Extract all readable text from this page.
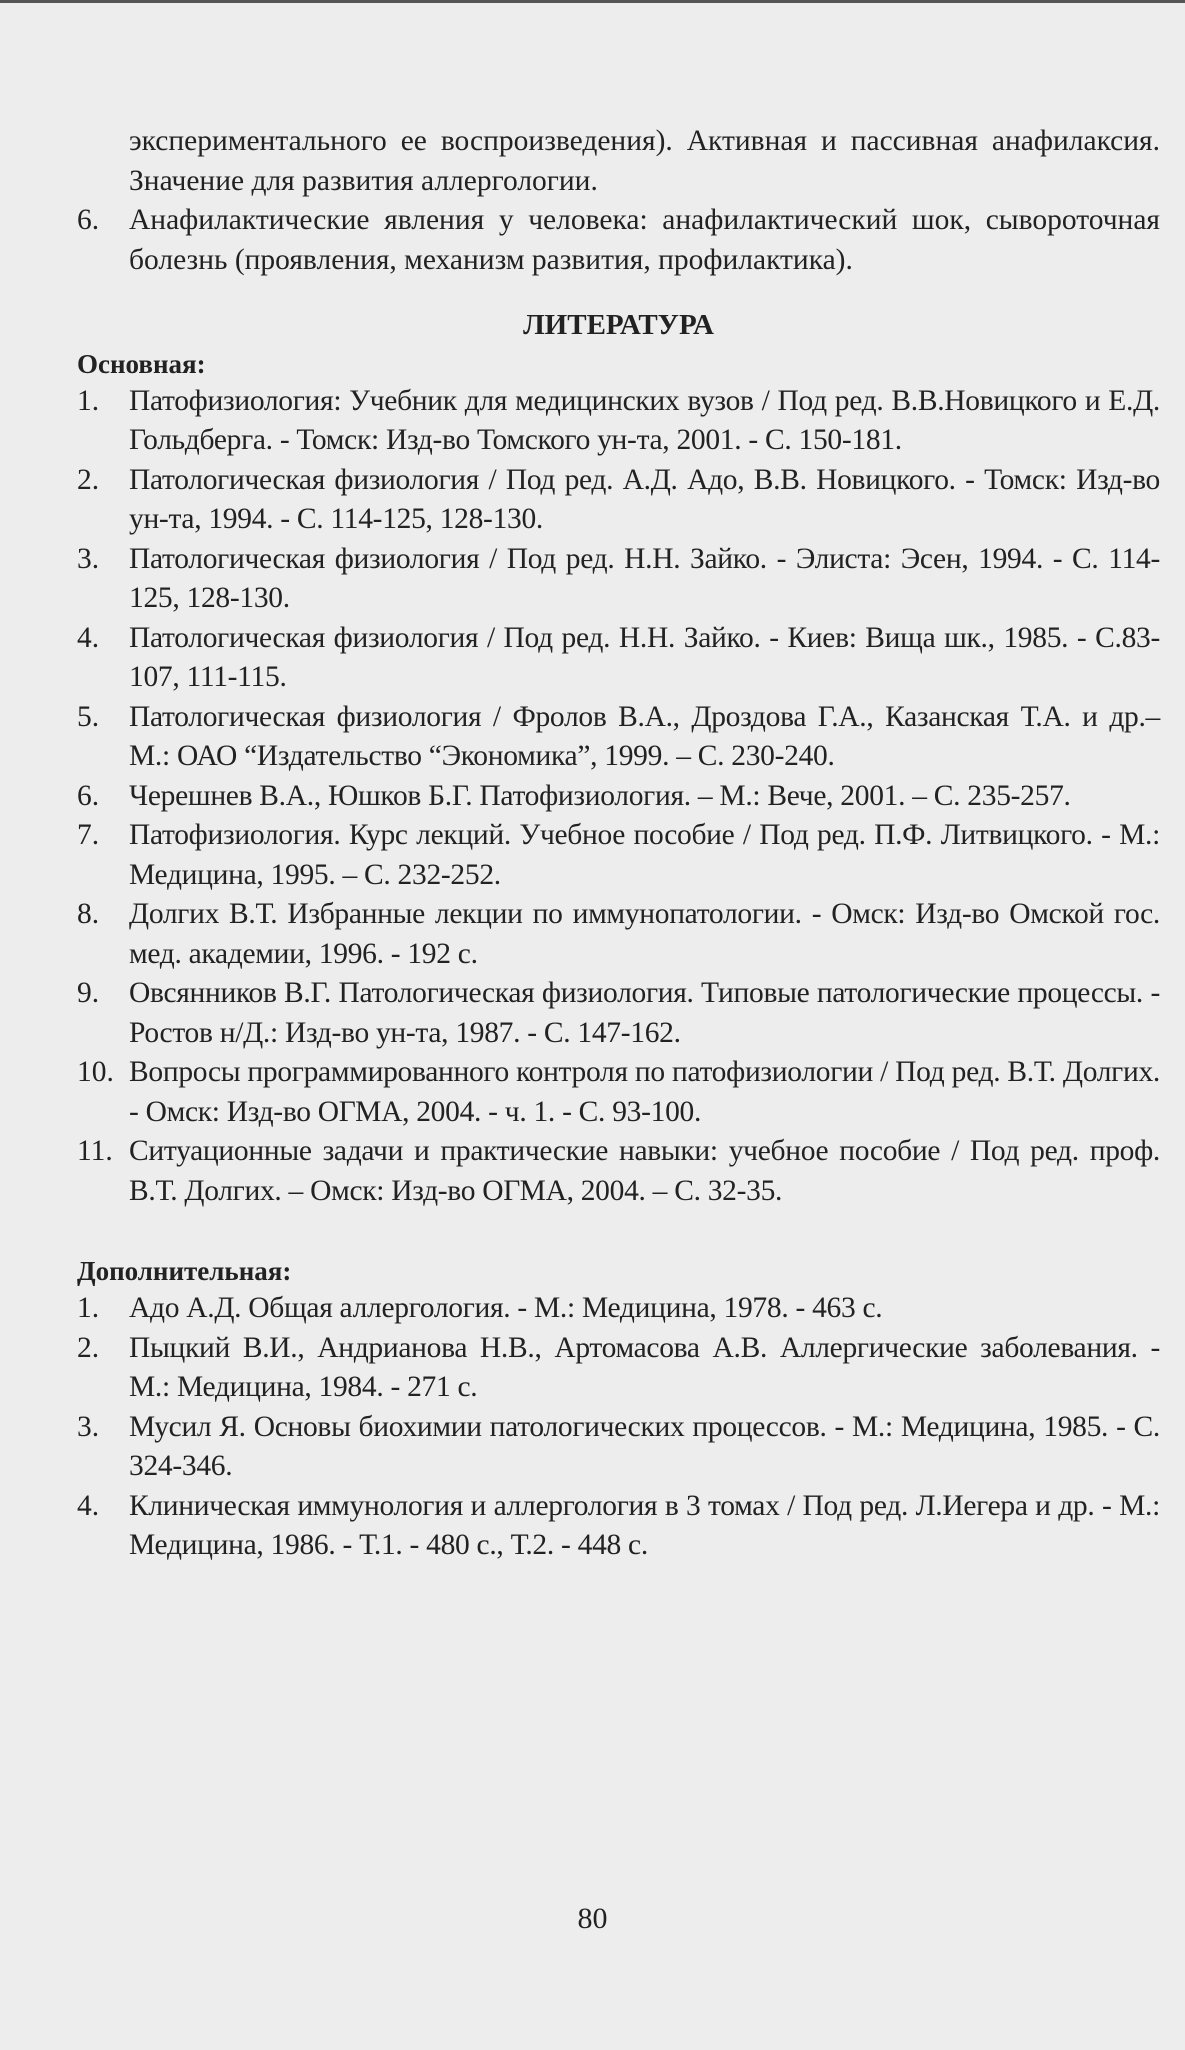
экспериментального ее воспроизведения). Активная и пассивная анафилаксия. Значение для развития аллергологии.
6.	Анафилактические явления у человека: анафилактический шок, сывороточная болезнь (проявления, механизм развития, профилактика).
ЛИТЕРАТУРА
Основная:
1.	Патофизиология: Учебник для медицинских вузов / Под ред. В.В.Новицкого и Е.Д. Гольдберга. - Томск: Изд-во Томского ун-та, 2001. - С. 150-181.
2.	Патологическая физиология / Под ред. А.Д. Адо, В.В. Новицкого. - Томск: Изд-во ун-та, 1994. - С. 114-125, 128-130.
3.	Патологическая физиология / Под ред. Н.Н. Зайко. - Элиста: Эсен, 1994. - С. 114-125, 128-130.
4.	Патологическая физиология / Под ред. Н.Н. Зайко. - Киев: Вища шк., 1985. - С.83-107, 111-115.
5.	Патологическая физиология / Фролов В.А., Дроздова Г.А., Казанская Т.А. и др.– М.: ОАО “Издательство “Экономика”, 1999. – С. 230-240.
6.	Черешнев В.А., Юшков Б.Г. Патофизиология. – М.: Вече, 2001. – С. 235-257.
7.	Патофизиология. Курс лекций. Учебное пособие / Под ред. П.Ф. Литвицкого. - М.: Медицина, 1995. – С. 232-252.
8.	Долгих В.Т. Избранные лекции по иммунопатологии. - Омск: Изд-во Омской гос. мед. академии, 1996. - 192 с.
9.	Овсянников В.Г. Патологическая физиология. Типовые патологические процессы. - Ростов н/Д.: Изд-во ун-та, 1987. - С. 147-162.
10. Вопросы программированного контроля по патофизиологии / Под ред. В.Т. Долгих. - Омск: Изд-во ОГМА, 2004. - ч. 1. - С. 93-100.
11. Ситуационные задачи и практические навыки: учебное пособие / Под ред. проф. В.Т. Долгих. – Омск: Изд-во ОГМА, 2004. – С. 32-35.
Дополнительная:
1.	Адо А.Д. Общая аллергология. - М.: Медицина, 1978. - 463 с.
2.	Пыцкий В.И., Андрианова Н.В., Артомасова А.В. Аллергические заболевания. - М.: Медицина, 1984. - 271 с.
3.	Мусил Я. Основы биохимии патологических процессов. - М.: Медицина, 1985. - С. 324-346.
4.	Клиническая иммунология и аллергология в 3 томах / Под ред. Л.Иегера и др. - М.: Медицина, 1986. - Т.1. - 480 с., Т.2. - 448 с.
80
